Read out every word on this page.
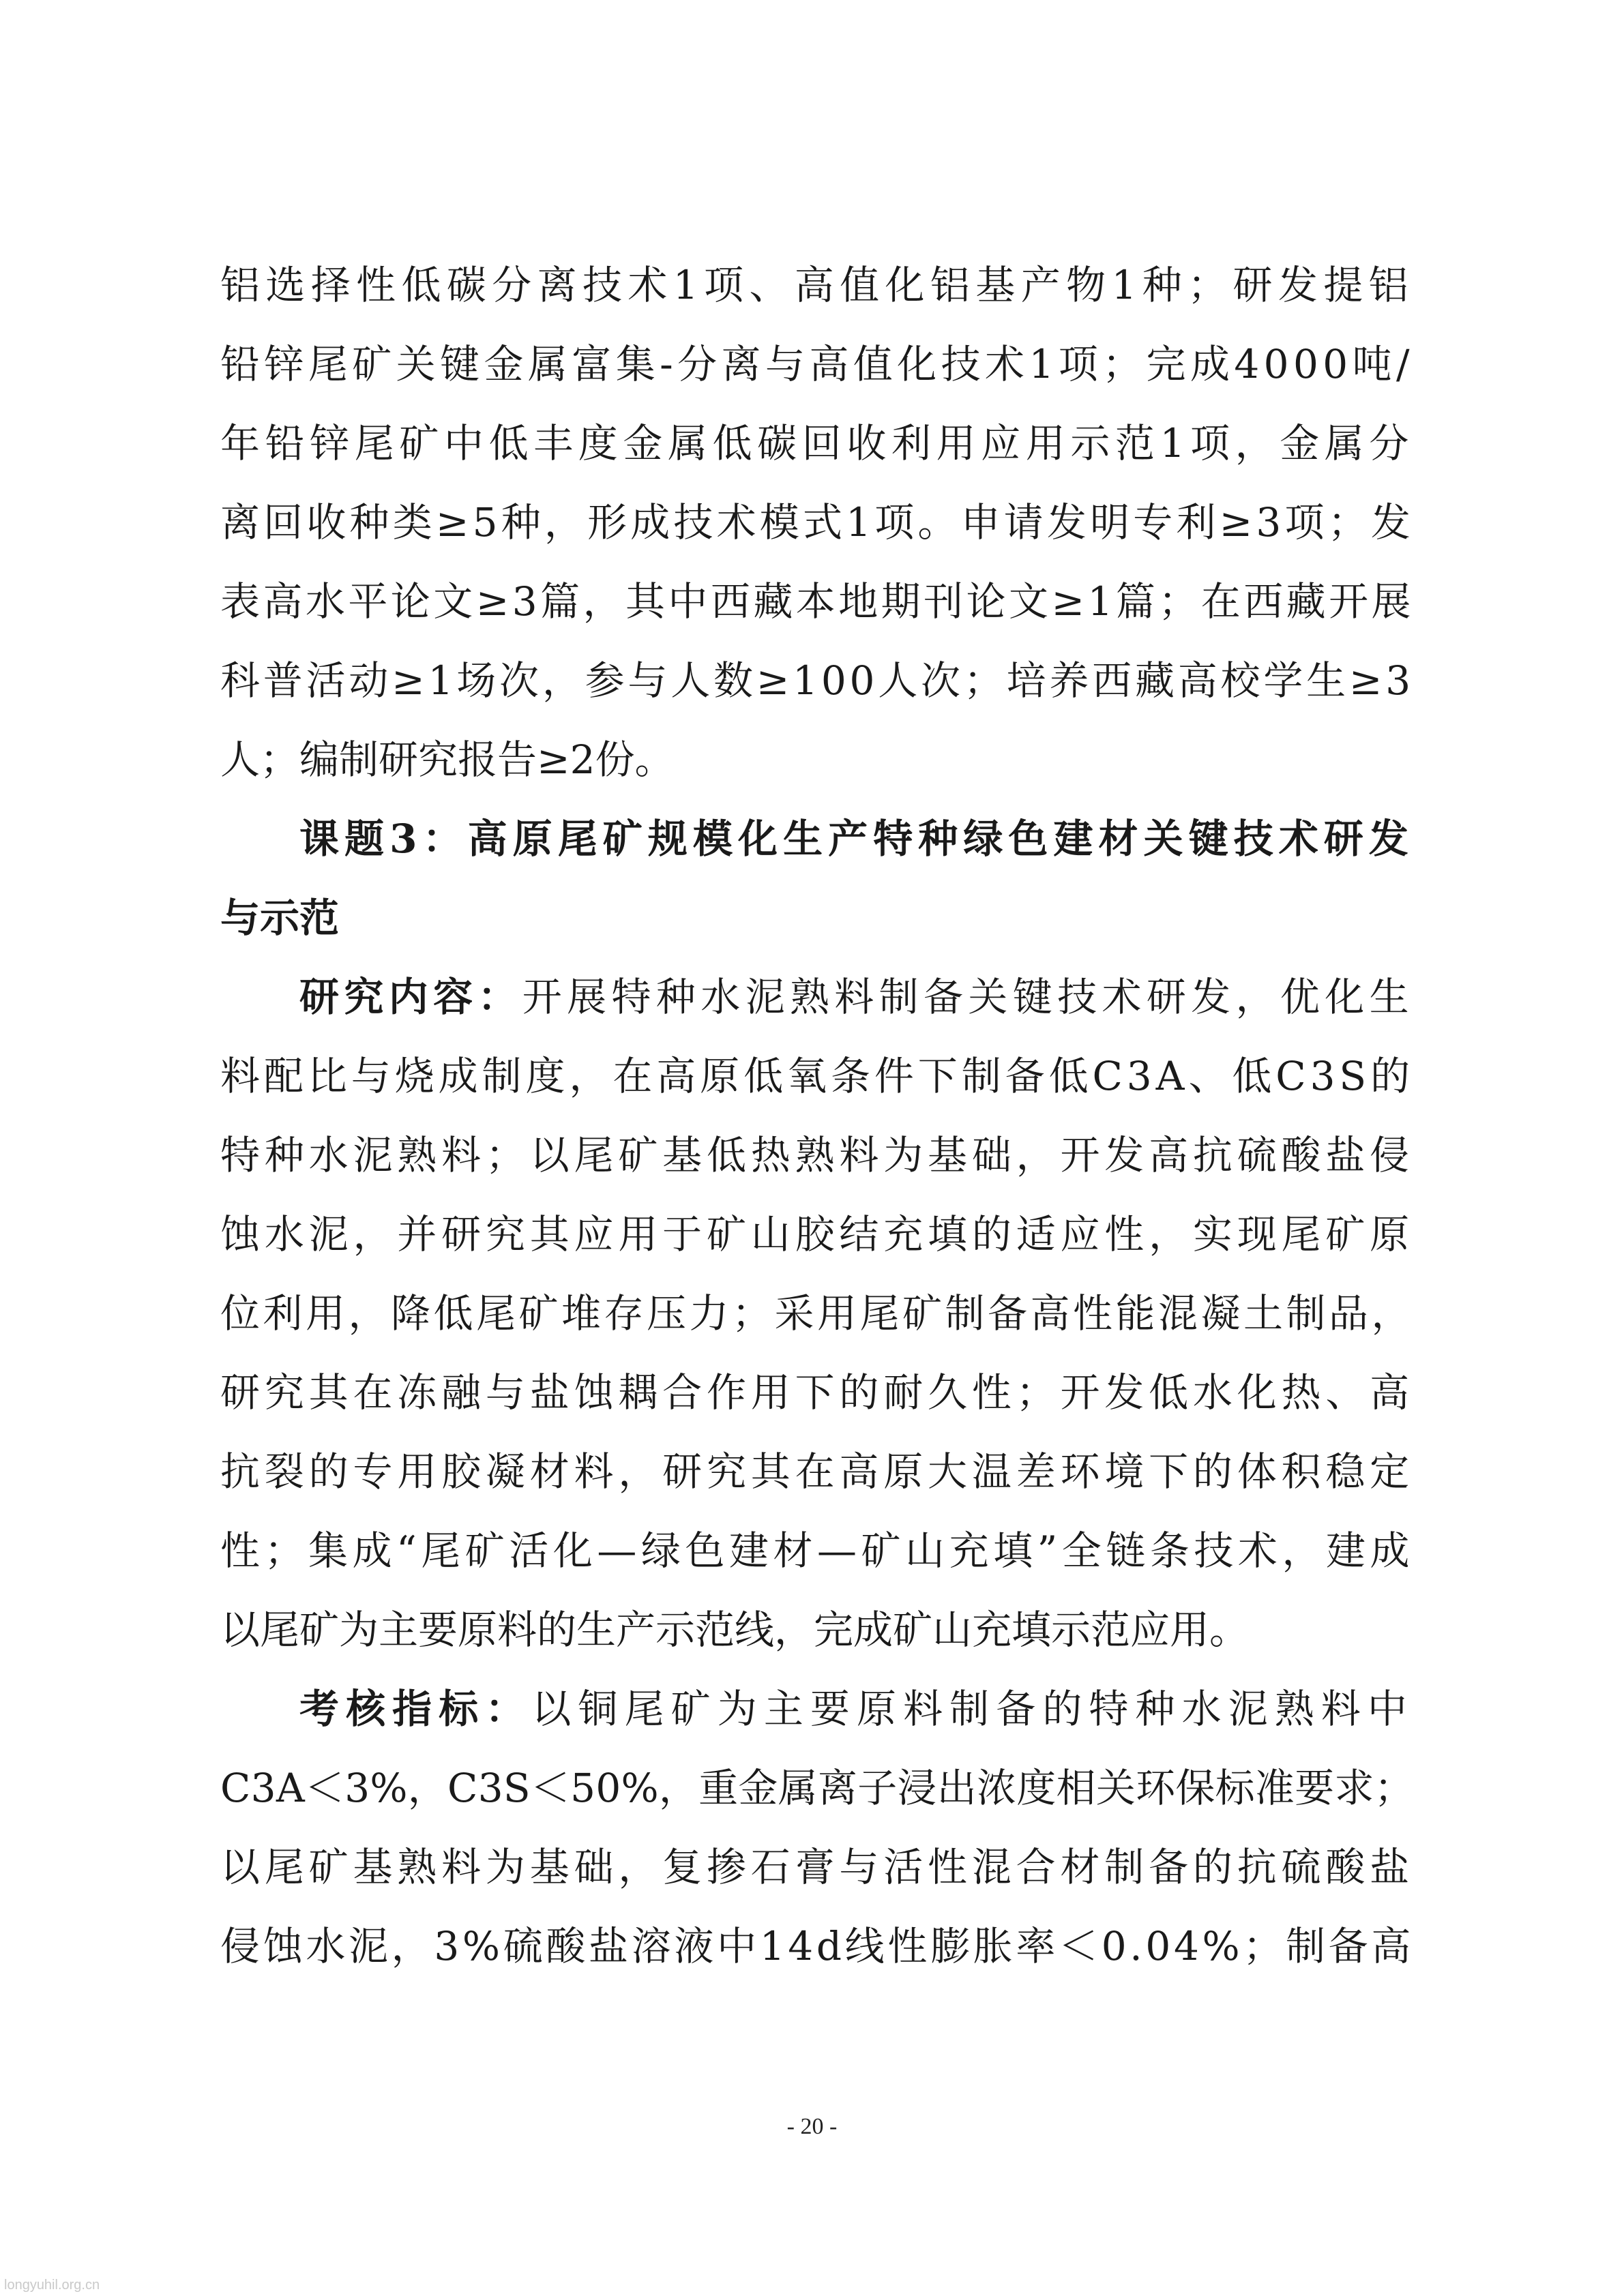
铝选择性低碳分离技术1项、高值化铝基产物1种；研发提铝
铅锌尾矿关键金属富集-分离与高值化技术1项；完成4000吨/
年铅锌尾矿中低丰度金属低碳回收利用应用示范1项，金属分
离回收种类≥5种，形成技术模式1项。申请发明专利≥3项；发
表高水平论文≥3篇，其中西藏本地期刊论文≥1篇；在西藏开展
科普活动≥1场次，参与人数≥100人次；培养西藏高校学生≥3
人；编制研究报告≥2份。
课题3：高原尾矿规模化生产特种绿色建材关键技术研发
与示范
研究内容： 开展特种水泥熟料制备关键技术研发，优化生
料配比与烧成制度，在高原低氧条件下制备低C3A、低C3S的
特种水泥熟料；以尾矿基低热熟料为基础，开发高抗硫酸盐侵
蚀水泥，并研究其应用于矿山胶结充填的适应性，实现尾矿原
位利用，降低尾矿堆存压力；采用尾矿制备高性能混凝土制品，
研究其在冻融与盐蚀耦合作用下的耐久性；开发低水化热、高
抗裂的专用胶凝材料，研究其在高原大温差环境下的体积稳定
性；集成“尾矿活化—绿色建材—矿山充填”全链条技术，建成
以尾矿为主要原料的生产示范线，完成矿山充填示范应用。
考核指标： 以铜尾矿为主要原料制备的特种水泥熟料中
C3A＜3%，C3S＜50%，重金属离子浸出浓度相关环保标准要求；
以尾矿基熟料为基础，复掺石膏与活性混合材制备的抗硫酸盐
侵蚀水泥，3%硫酸盐溶液中14d线性膨胀率＜0.04%；制备高
- 20 -
longyuhil.org.cn
